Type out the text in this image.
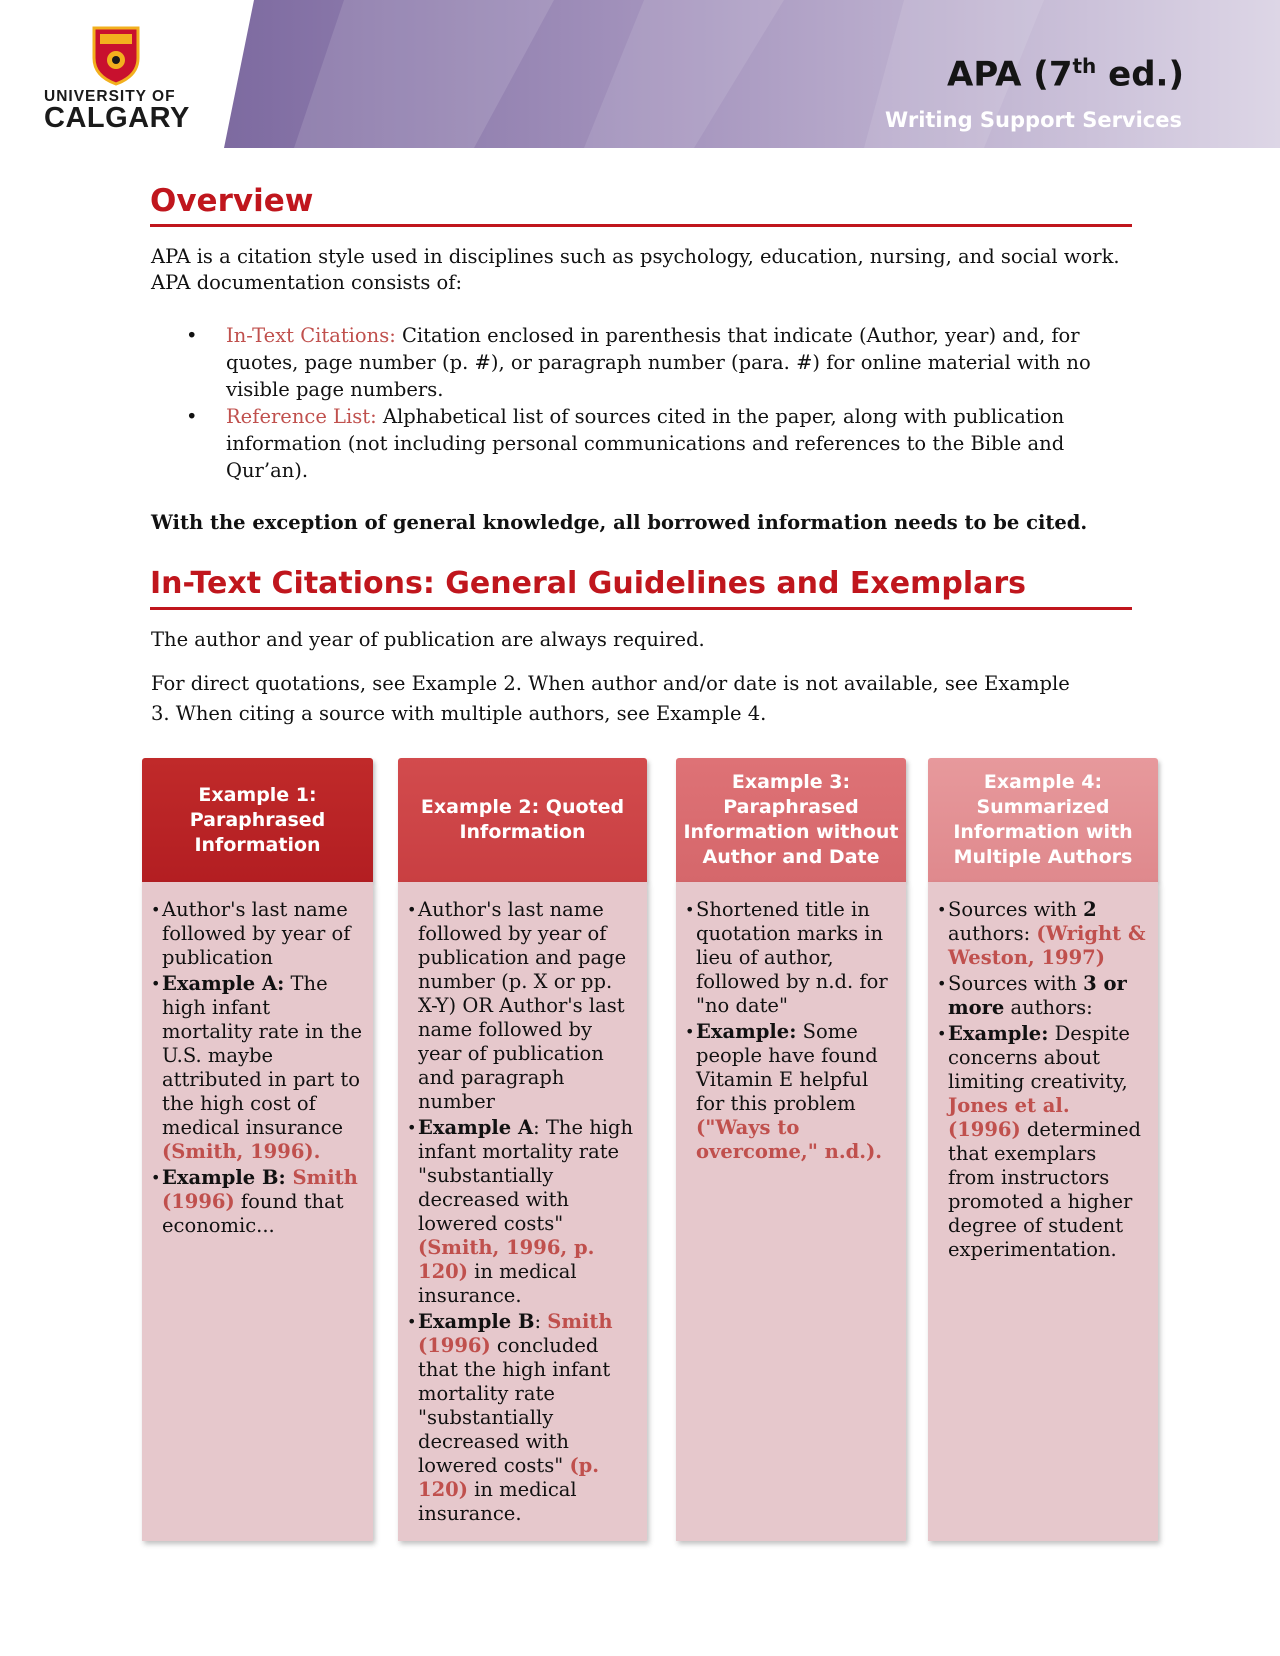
UNIVERSITY OF
CALGARY
APA (7th ed.)
Writing Support Services
Overview
APA is a citation style used in disciplines such as psychology, education, nursing, and social work. APA documentation consists of:
• In-Text Citations: Citation enclosed in parenthesis that indicate (Author, year) and, for quotes, page number (p. #), or paragraph number (para. #) for online material with no visible page numbers.
• Reference List: Alphabetical list of sources cited in the paper, along with publication information (not including personal communications and references to the Bible and Qur’an).
With the exception of general knowledge, all borrowed information needs to be cited.
In-Text Citations: General Guidelines and Exemplars
The author and year of publication are always required.
For direct quotations, see Example 2. When author and/or date is not available, see Example 3. When citing a source with multiple authors, see Example 4.
Example 1: Paraphrased Information
• Author's last name followed by year of publication
• Example A: The high infant mortality rate in the U.S. maybe attributed in part to the high cost of medical insurance (Smith, 1996).
• Example B: Smith (1996) found that economic...
Example 2: Quoted Information
• Author's last name followed by year of publication and page number (p. X or pp. X-Y) OR Author's last name followed by year of publication and paragraph number
• Example A: The high infant mortality rate "substantially decreased with lowered costs" (Smith, 1996, p. 120) in medical insurance.
• Example B: Smith (1996) concluded that the high infant mortality rate "substantially decreased with lowered costs" (p. 120) in medical insurance.
Example 3: Paraphrased Information without Author and Date
• Shortened title in quotation marks in lieu of author, followed by n.d. for "no date"
• Example: Some people have found Vitamin E helpful for this problem ("Ways to overcome," n.d.).
Example 4: Summarized Information with Multiple Authors
• Sources with 2 authors: (Wright & Weston, 1997)
• Sources with 3 or more authors:
• Example: Despite concerns about limiting creativity, Jones et al. (1996) determined that exemplars from instructors promoted a higher degree of student experimentation.
